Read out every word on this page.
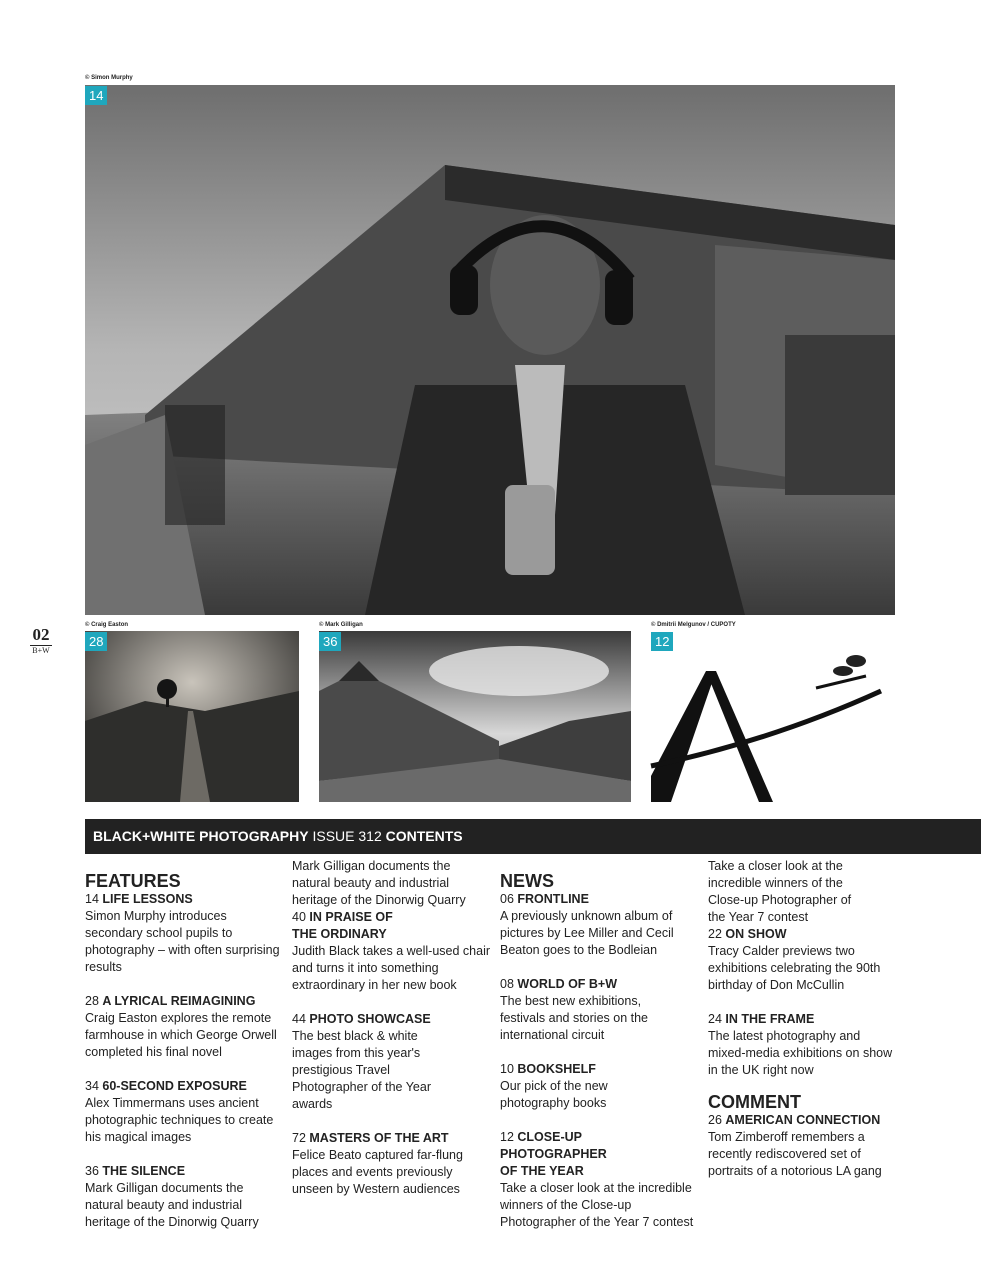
© Simon Murphy
14
02
B+W
© Craig Easton
28
© Mark Gilligan
36
© Dmitrii Melgunov / CUPOTY
12
BLACK+WHITE PHOTOGRAPHY ISSUE 312 CONTENTS
FEATURES
14 LIFE LESSONS
Simon Murphy introduces secondary school pupils to photography – with often surprising results
28 A LYRICAL REIMAGINING
Craig Easton explores the remote farmhouse in which George Orwell completed his final novel
34 60-SECOND EXPOSURE
Alex Timmermans uses ancient photographic techniques to create his magical images
36 THE SILENCE
Mark Gilligan documents the natural beauty and industrial heritage of the Dinorwig Quarry
Mark Gilligan documents the natural beauty and industrial heritage of the Dinorwig Quarry
40 IN PRAISE OF THE ORDINARY
Judith Black takes a well-used chair and turns it into something extraordinary in her new book
44 PHOTO SHOWCASE
The best black & white images from this year's prestigious Travel Photographer of the Year awards
72 MASTERS OF THE ART
Felice Beato captured far-flung places and events previously unseen by Western audiences
NEWS
06 FRONTLINE
A previously unknown album of pictures by Lee Miller and Cecil Beaton goes to the Bodleian
08 WORLD OF B+W
The best new exhibitions, festivals and stories on the international circuit
10 BOOKSHELF
Our pick of the new photography books
12 CLOSE-UP PHOTOGRAPHER OF THE YEAR
Take a closer look at the incredible winners of the Close-up Photographer of the Year 7 contest
Take a closer look at the incredible winners of the Close-up Photographer of the Year 7 contest
22 ON SHOW
Tracy Calder previews two exhibitions celebrating the 90th birthday of Don McCullin
24 IN THE FRAME
The latest photography and mixed-media exhibitions on show in the UK right now
COMMENT
26 AMERICAN CONNECTION
Tom Zimberoff remembers a recently rediscovered set of portraits of a notorious LA gang
